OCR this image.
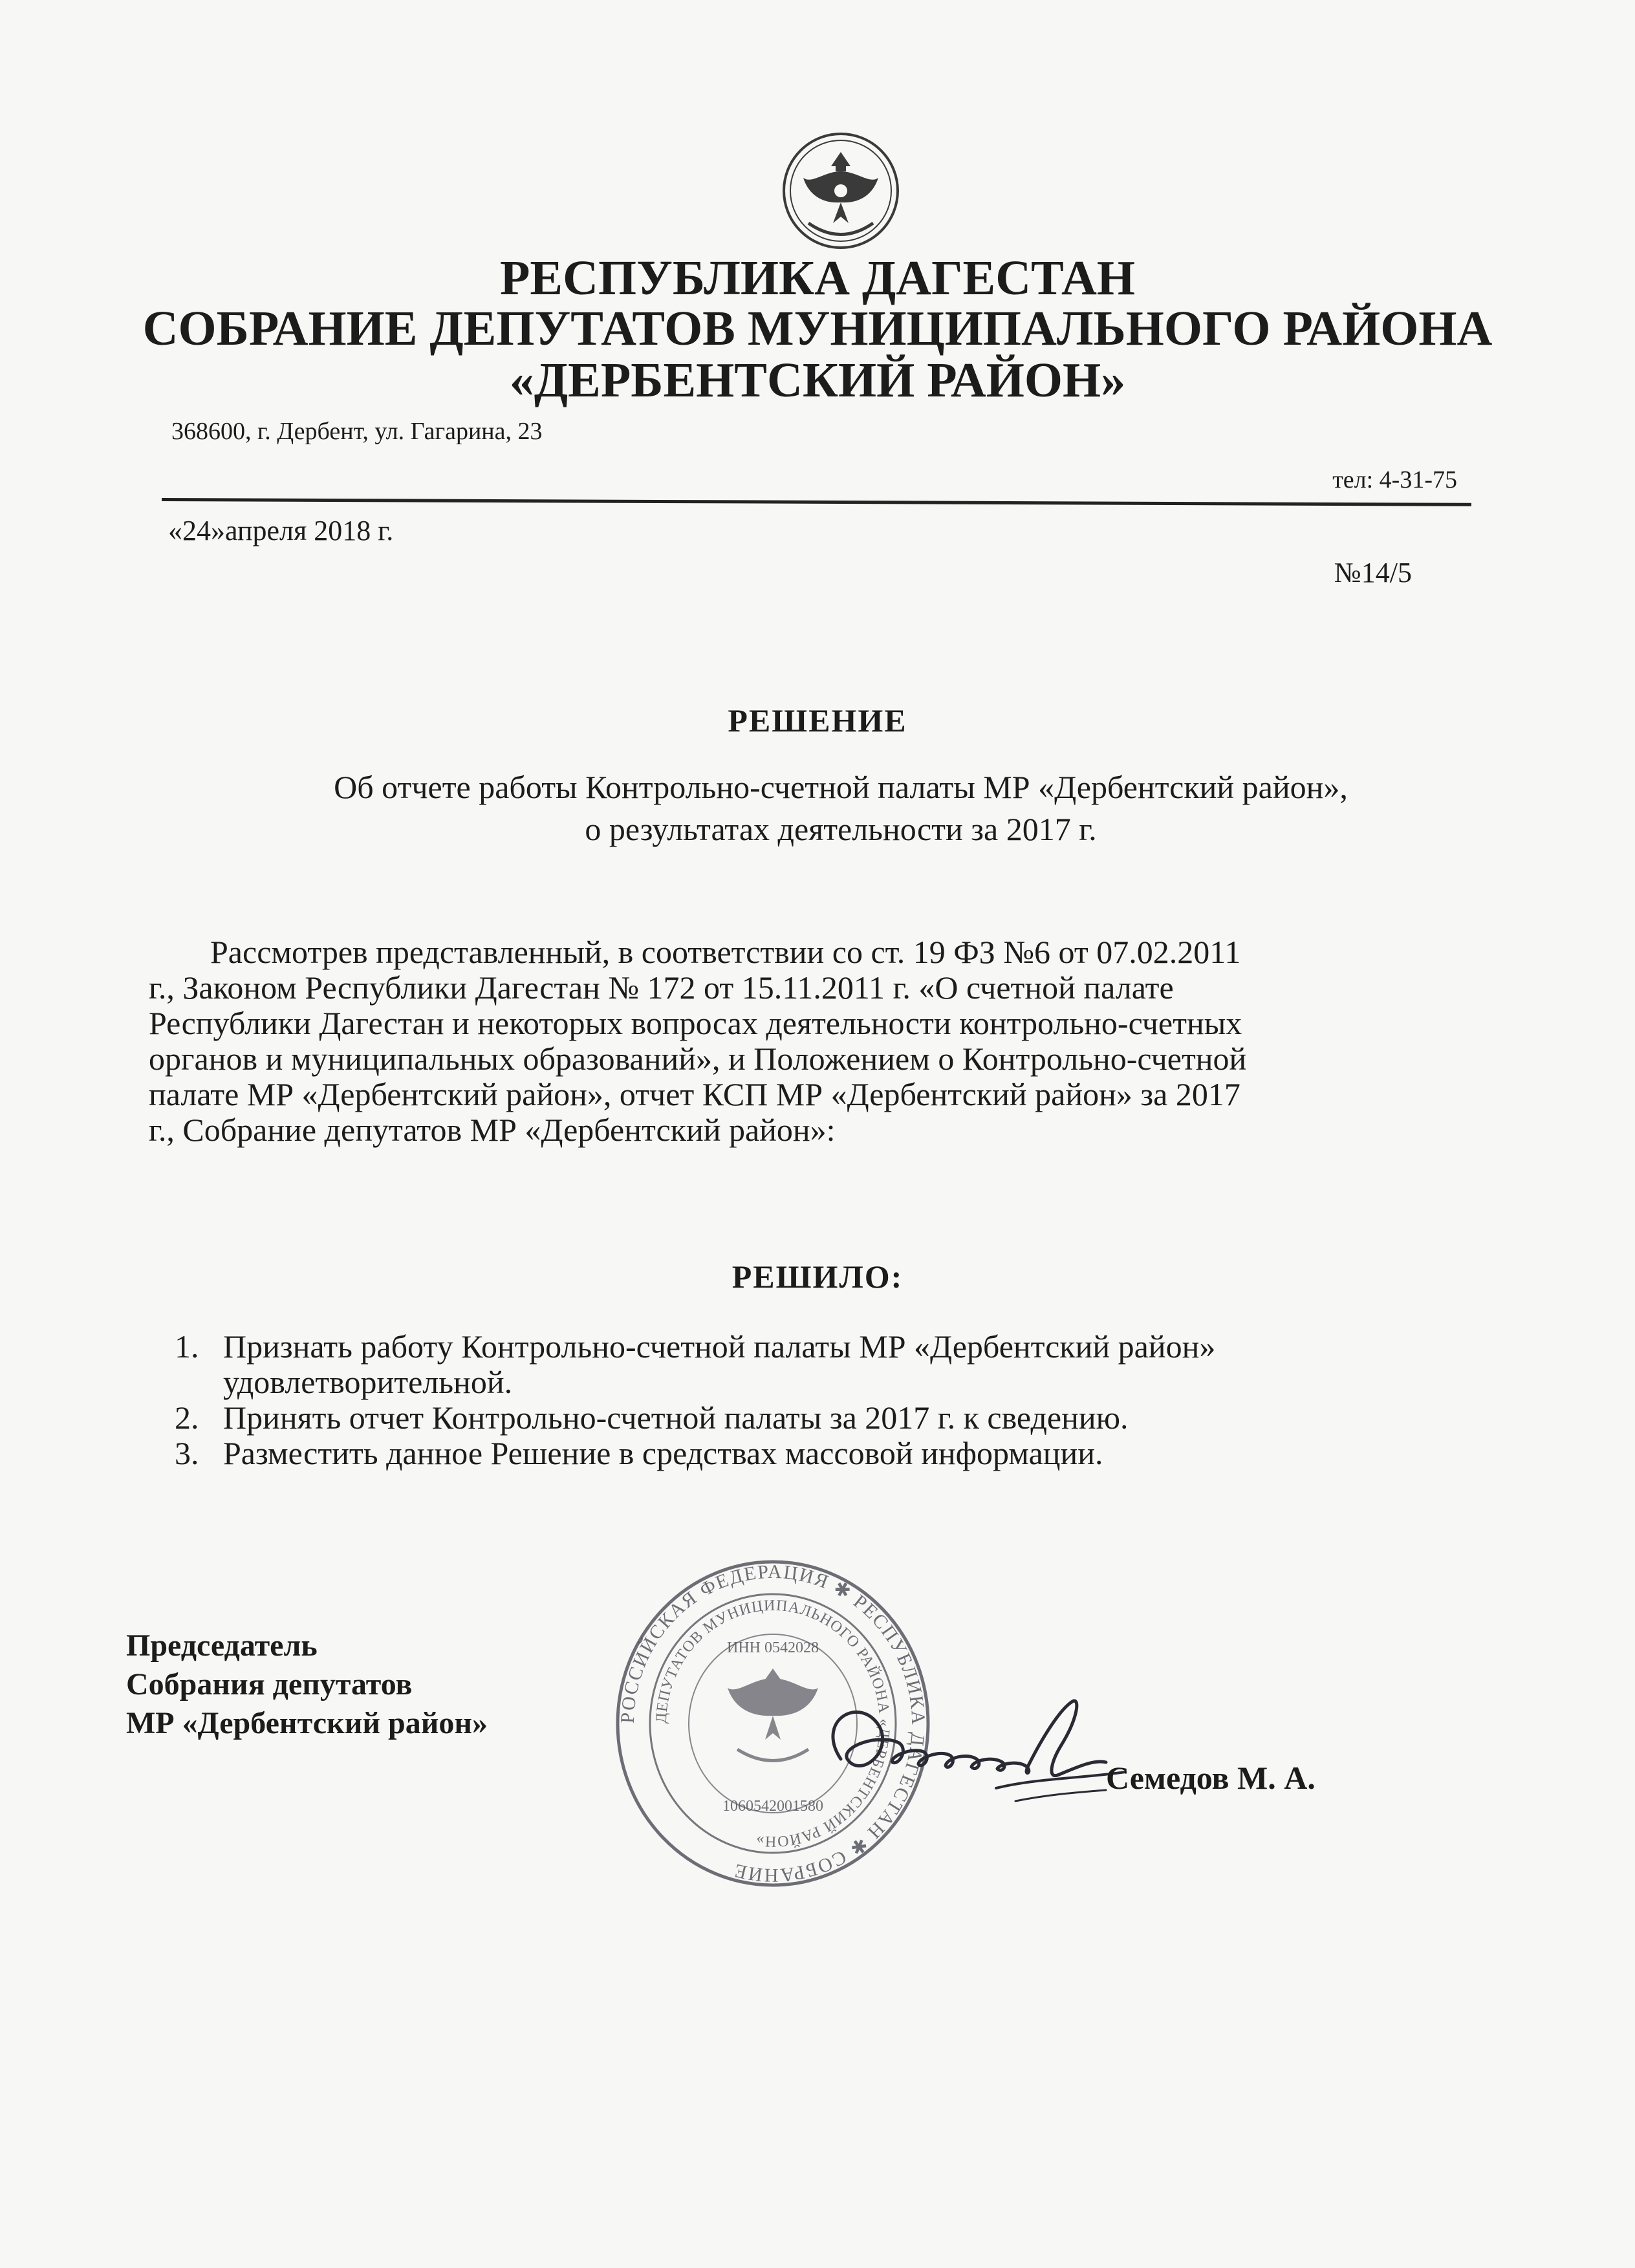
РЕСПУБЛИКА ДАГЕСТАН
СОБРАНИЕ ДЕПУТАТОВ МУНИЦИПАЛЬНОГО РАЙОНА
«ДЕРБЕНТСКИЙ РАЙОН»
368600, г. Дербент, ул. Гагарина, 23
тел: 4-31-75
«24»апреля 2018 г.
№14/5
РЕШЕНИЕ
Об отчете работы Контрольно-счетной палаты МР «Дербентский район»,
о результатах деятельности за 2017 г.
Рассмотрев представленный, в соответствии со ст. 19 ФЗ №6 от 07.02.2011
г., Законом Республики Дагестан № 172 от 15.11.2011 г. «О счетной палате
Республики Дагестан и некоторых вопросах деятельности контрольно-счетных
органов и муниципальных образований», и Положением о Контрольно-счетной
палате МР «Дербентский район», отчет КСП МР «Дербентский район» за 2017
г., Собрание депутатов МР «Дербентский район»:
РЕШИЛО:
1. Признать работу Контрольно-счетной палаты МР «Дербентский район»
удовлетворительной.
2. Принять отчет Контрольно-счетной палаты за 2017 г. к сведению.
3. Разместить данное Решение в средствах массовой информации.
Председатель
Собрания депутатов
МР «Дербентский район»	РОССИЙСКАЯ ФЕДЕРАЦИЯ ✱ РЕСПУБЛИКА ДАГЕСТАН ✱ СОБРАНИЕ
ДЕПУТАТОВ МУНИЦИПАЛЬНОГО РАЙОНА «ДЕРБЕНТСКИЙ РАЙОН»
ИНН 0542028
1060542001580
Семедов М. А.
